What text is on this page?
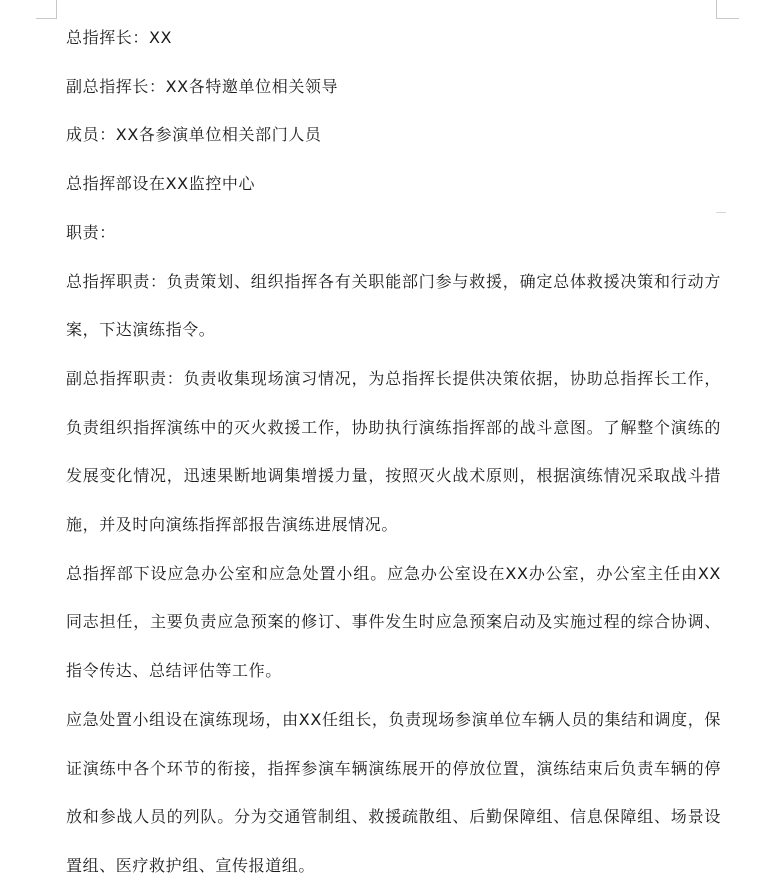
总指挥长：XX

副总指挥长：XX各特邀单位相关领导

成员：XX各参演单位相关部门人员

总指挥部设在XX监控中心

职责：

总指挥职责：负责策划、组织指挥各有关职能部门参与救援，确定总体救援决策和行动方案，下达演练指令。

副总指挥职责：负责收集现场演习情况，为总指挥长提供决策依据，协助总指挥长工作，负责组织指挥演练中的灭火救援工作，协助执行演练指挥部的战斗意图。了解整个演练的发展变化情况，迅速果断地调集增援力量，按照灭火战术原则，根据演练情况采取战斗措施，并及时向演练指挥部报告演练进展情况。

总指挥部下设应急办公室和应急处置小组。应急办公室设在XX办公室，办公室主任由XX同志担任，主要负责应急预案的修订、事件发生时应急预案启动及实施过程的综合协调、指令传达、总结评估等工作。

应急处置小组设在演练现场，由XX任组长，负责现场参演单位车辆人员的集结和调度，保证演练中各个环节的衔接，指挥参演车辆演练展开的停放位置，演练结束后负责车辆的停放和参战人员的列队。分为交通管制组、救援疏散组、后勤保障组、信息保障组、场景设置组、医疗救护组、宣传报道组。
